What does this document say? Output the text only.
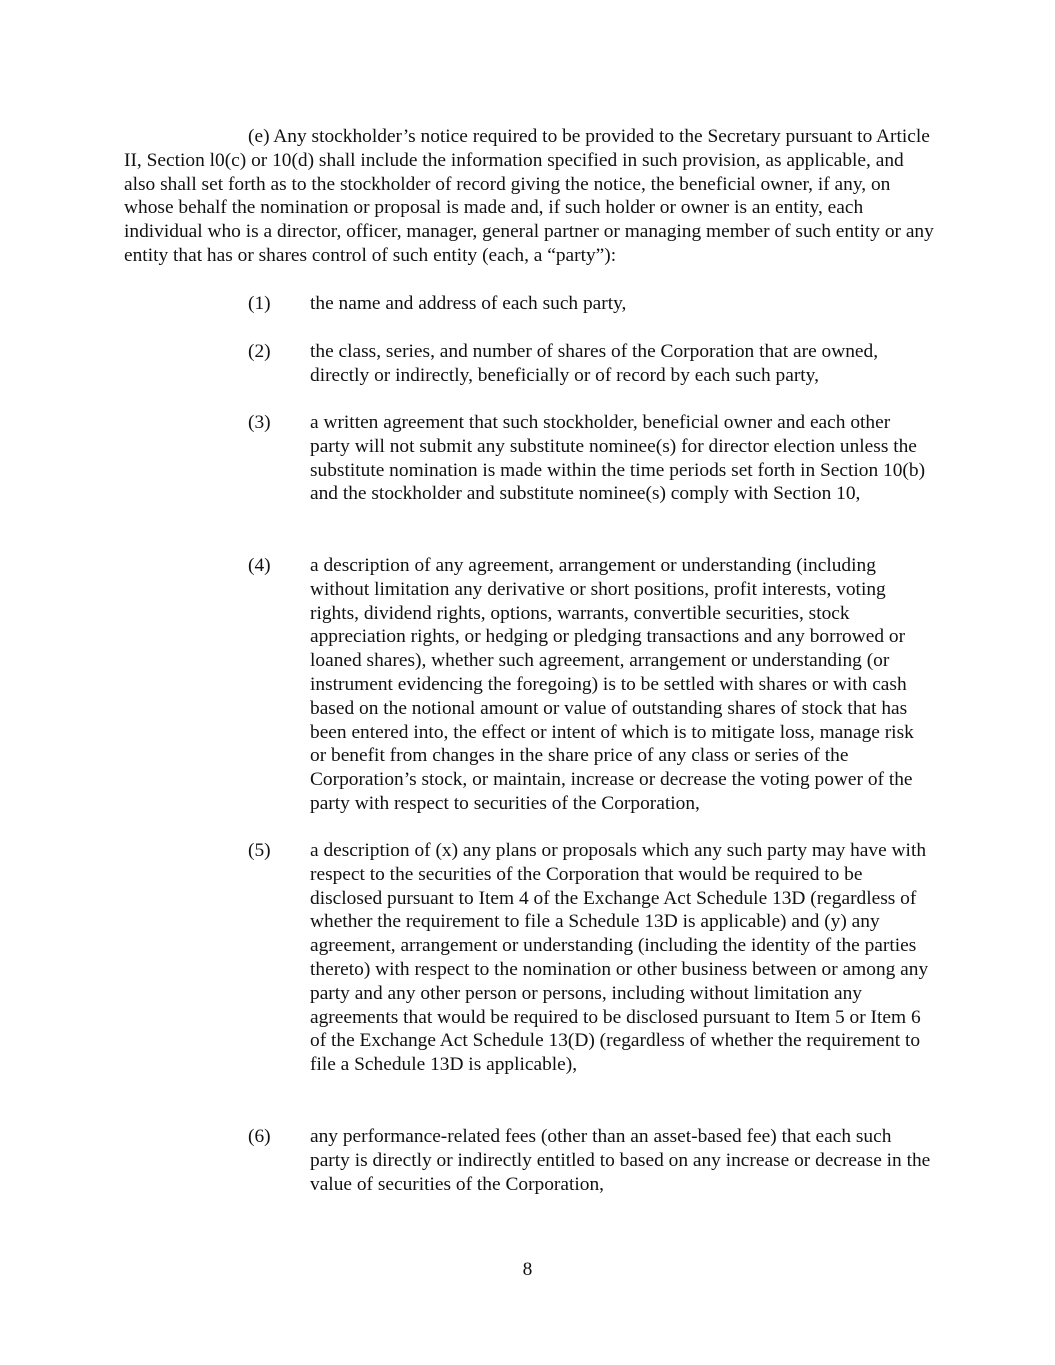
(e) Any stockholder’s notice required to be provided to the Secretary pursuant to Article II, Section l0(c) or 10(d) shall include the information specified in such provision, as applicable, and also shall set forth as to the stockholder of record giving the notice, the beneficial owner, if any, on whose behalf the nomination or proposal is made and, if such holder or owner is an entity, each individual who is a director, officer, manager, general partner or managing member of such entity or any entity that has or shares control of such entity (each, a “party”):

(1) the name and address of each such party,
(2) the class, series, and number of shares of the Corporation that are owned, directly or indirectly, beneficially or of record by each such party,
(3) a written agreement that such stockholder, beneficial owner and each other party will not submit any substitute nominee(s) for director election unless the substitute nomination is made within the time periods set forth in Section 10(b) and the stockholder and substitute nominee(s) comply with Section 10,
(4) a description of any agreement, arrangement or understanding (including without limitation any derivative or short positions, profit interests, voting rights, dividend rights, options, warrants, convertible securities, stock appreciation rights, or hedging or pledging transactions and any borrowed or loaned shares), whether such agreement, arrangement or understanding (or instrument evidencing the foregoing) is to be settled with shares or with cash based on the notional amount or value of outstanding shares of stock that has been entered into, the effect or intent of which is to mitigate loss, manage risk or benefit from changes in the share price of any class or series of the Corporation’s stock, or maintain, increase or decrease the voting power of the party with respect to securities of the Corporation,
(5) a description of (x) any plans or proposals which any such party may have with respect to the securities of the Corporation that would be required to be disclosed pursuant to Item 4 of the Exchange Act Schedule 13D (regardless of whether the requirement to file a Schedule 13D is applicable) and (y) any agreement, arrangement or understanding (including the identity of the parties thereto) with respect to the nomination or other business between or among any party and any other person or persons, including without limitation any agreements that would be required to be disclosed pursuant to Item 5 or Item 6 of the Exchange Act Schedule 13(D) (regardless of whether the requirement to file a Schedule 13D is applicable),
(6) any performance-related fees (other than an asset-based fee) that each such party is directly or indirectly entitled to based on any increase or decrease in the value of securities of the Corporation,
8
